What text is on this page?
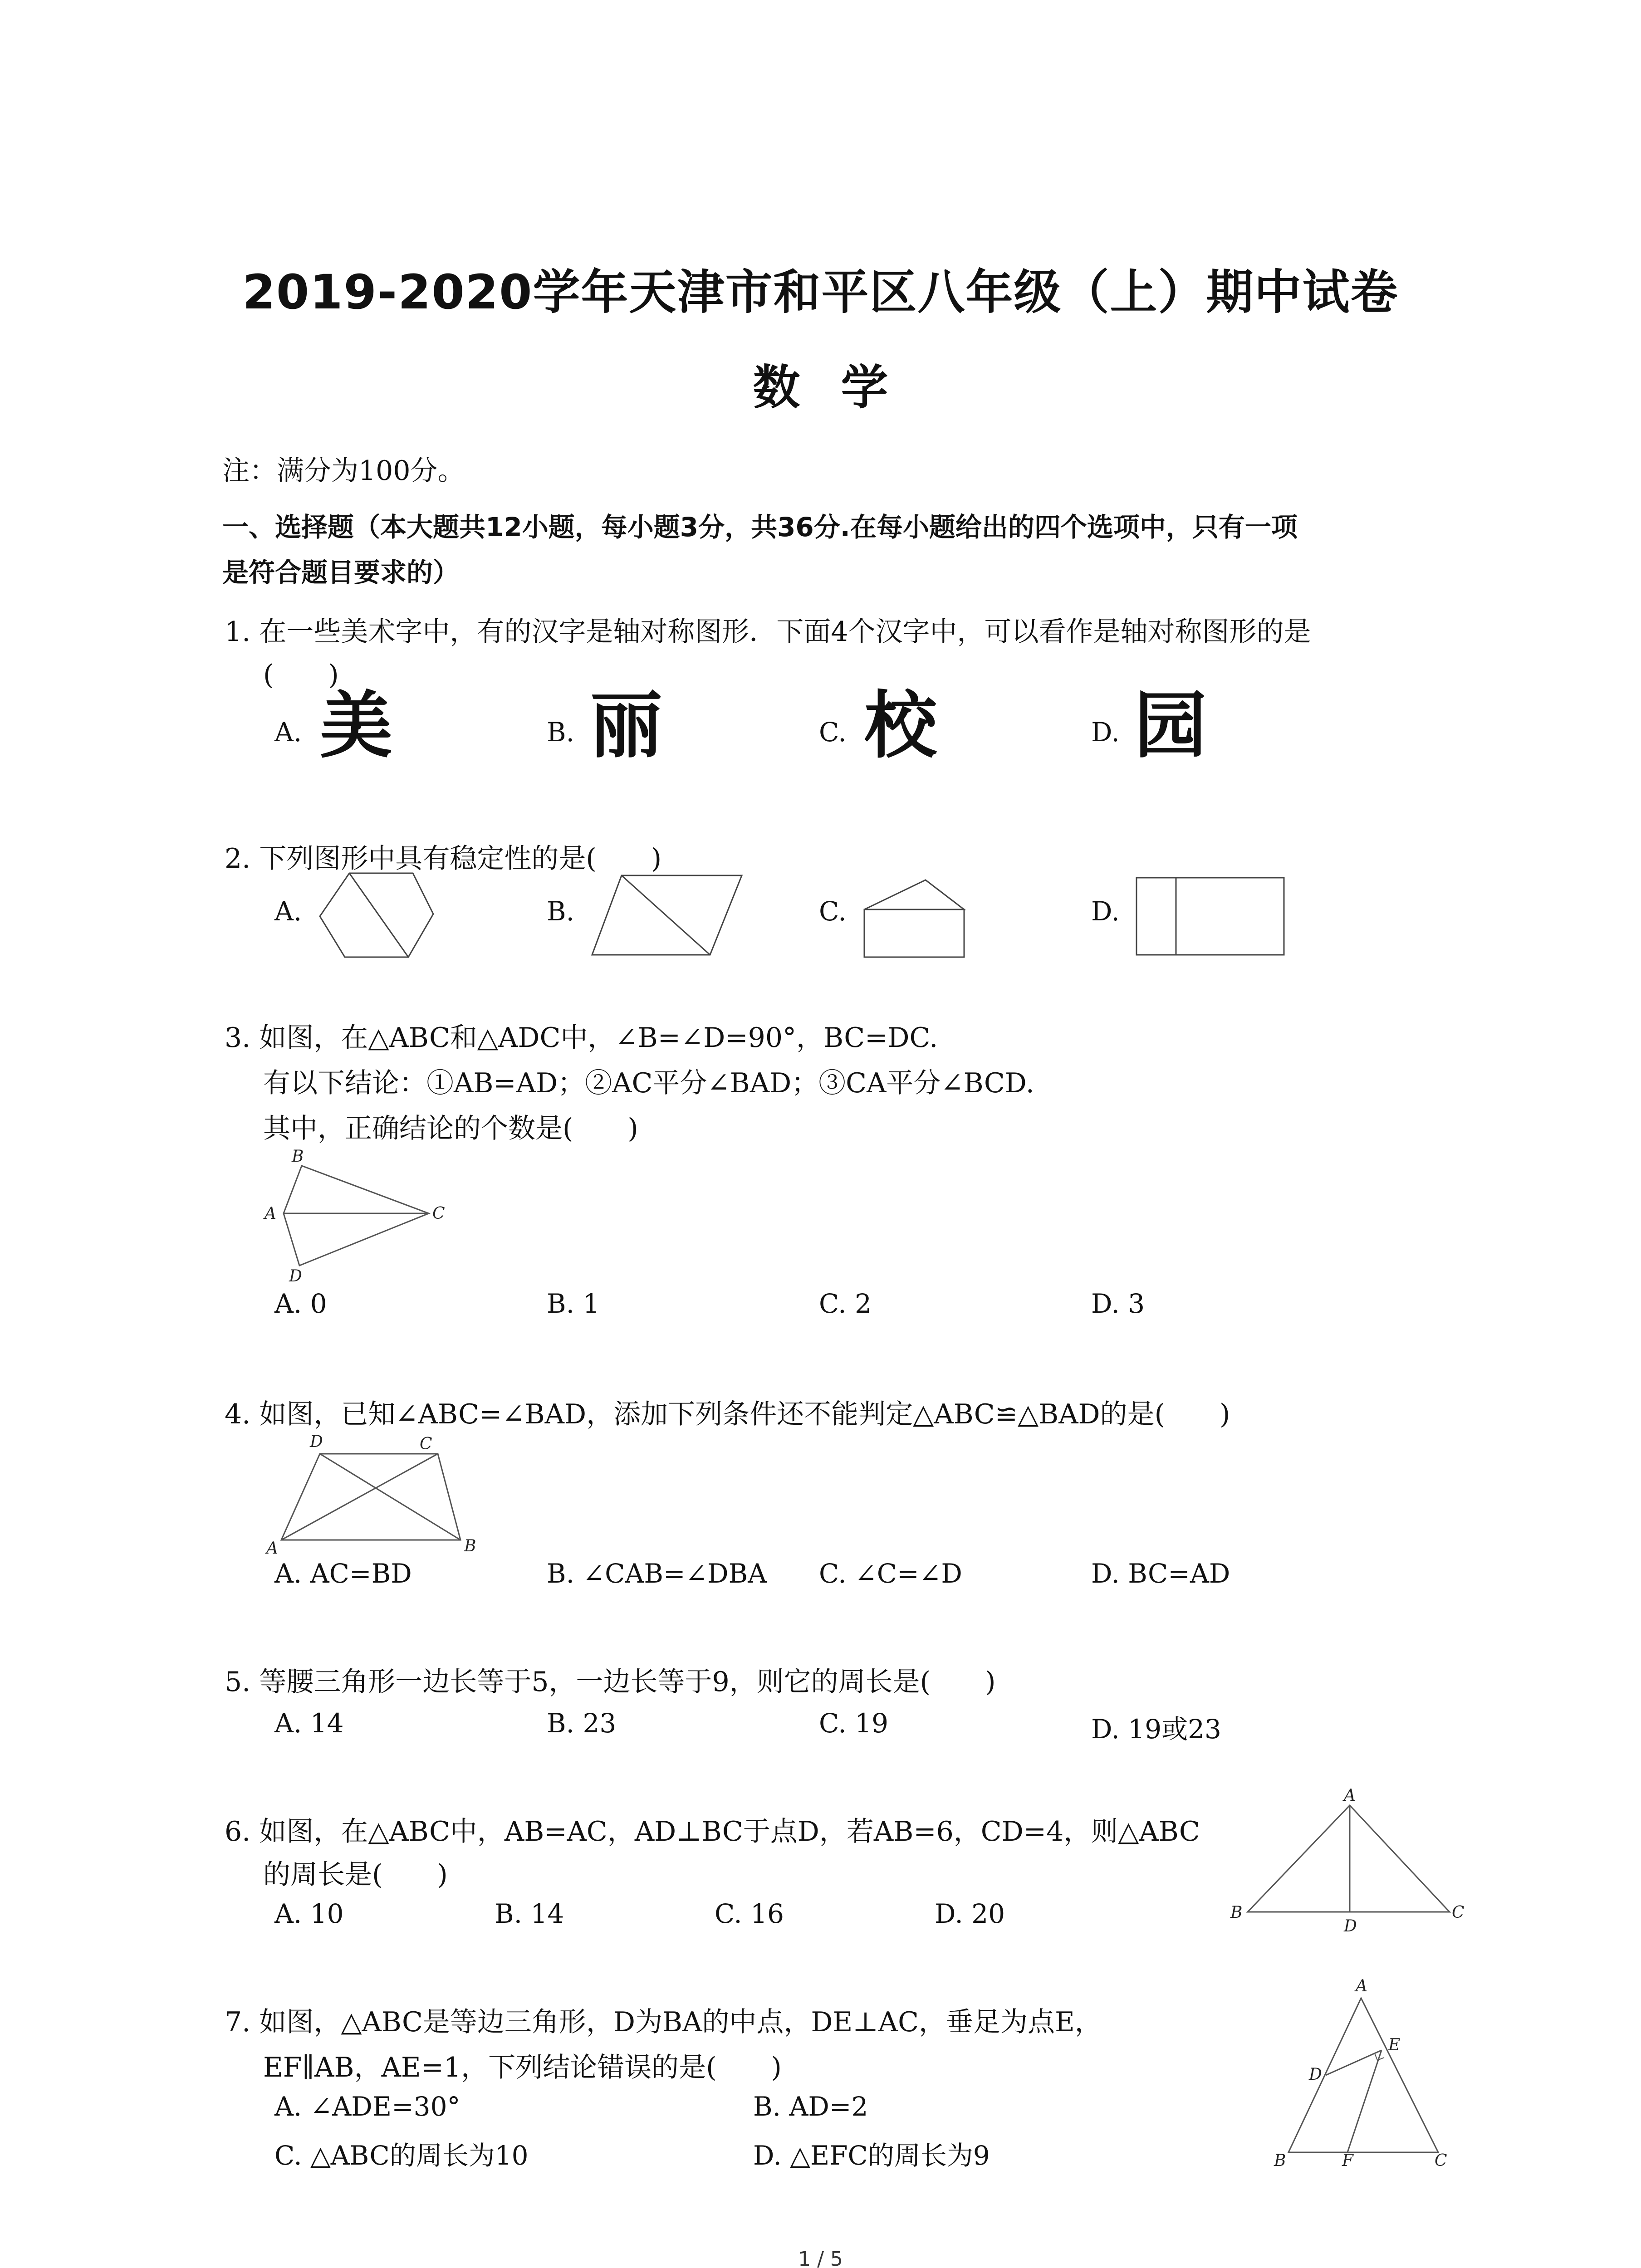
2019-2020学年天津市和平区八年级（上）期中试卷
数学
注：满分为100分。
一、选择题（本大题共12小题，每小题3分，共36分.在每小题给出的四个选项中，只有一项
是符合题目要求的）
1. 在一些美术字中，有的汉字是轴对称图形．下面4个汉字中，可以看作是轴对称图形的是
(　　)
A. 美	B. 丽	C. 校	D. 园
2. 下列图形中具有稳定性的是(　　)
A.	B.	C.	D.
3. 如图，在△ABC和△ADC中，∠B=∠D=90°，BC=DC.
有以下结论：①AB=AD；②AC平分∠BAD；③CA平分∠BCD.
其中，正确结论的个数是(　　)
B
A	C
D
A. 0	B. 1	C. 2	D. 3
4. 如图，已知∠ABC=∠BAD，添加下列条件还不能判定△ABC≌△BAD的是(　　)
D	C
A	B
A. AC=BD	B. ∠CAB=∠DBA C. ∠C=∠D	D. BC=AD
5. 等腰三角形一边长等于5，一边长等于9，则它的周长是(　　)
A. 14	B. 23	C. 19	D. 19或23
6. 如图，在△ABC中，AB=AC，AD⊥BC于点D，若AB=6，CD=4，则△ABC
的周长是(　　)
A. 10	B. 14	C. 16	D. 20
A
B	C
D
7. 如图，△ABC是等边三角形，D为BA的中点，DE⊥AC，垂足为点E，
EF∥AB，AE=1，下列结论错误的是(　　)
A. ∠ADE=30°	B. AD=2
C. △ABC的周长为10	D. △EFC的周长为9
A
E
D
B	F	C
1 / 5
